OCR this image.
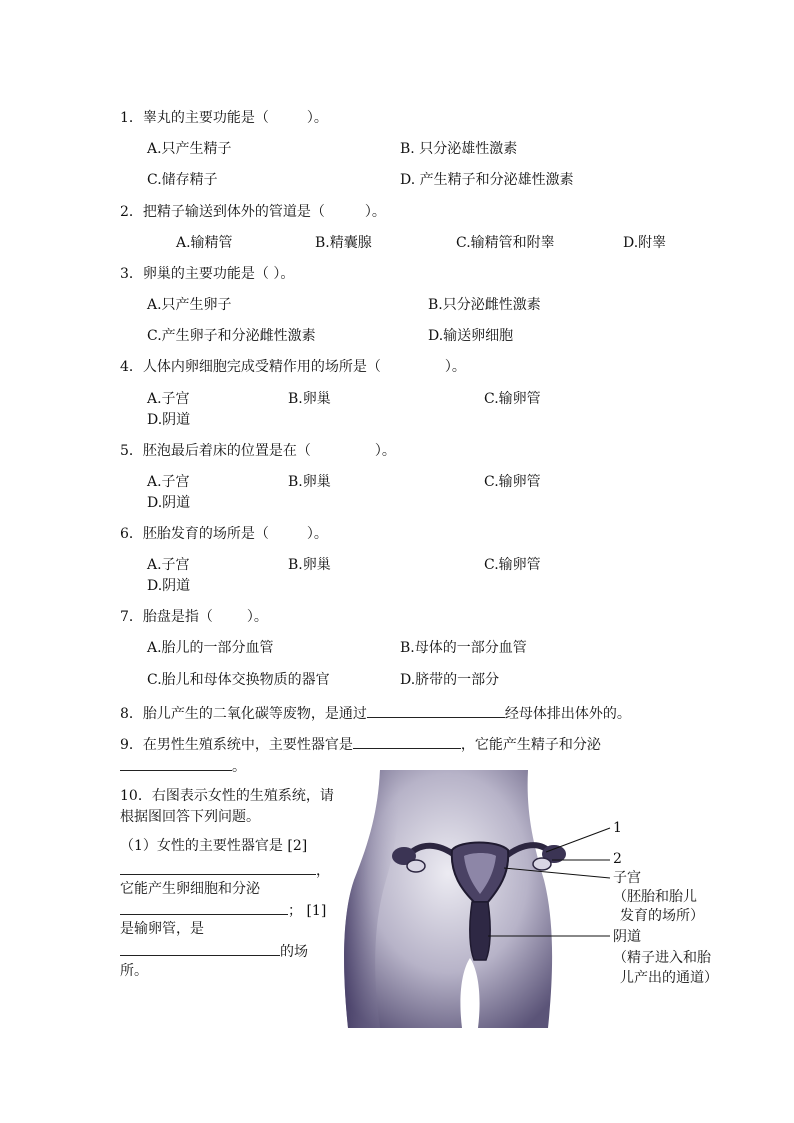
1．睾丸的主要功能是（	）。
A.只产生精子	B. 只分泌雄性激素
C.储存精子	D. 产生精子和分泌雄性激素
2．把精子输送到体外的管道是（	）。
A.输精管	B.精囊腺	C.输精管和附睾	D.附睾
3．卵巢的主要功能是（ ）。
A.只产生卵子	B.只分泌雌性激素
C.产生卵子和分泌雌性激素	D.输送卵细胞
4．人体内卵细胞完成受精作用的场所是（	）。
A.子宫	B.卵巢	C.输卵管
D.阴道
5．胚泡最后着床的位置是在（	）。
A.子宫	B.卵巢	C.输卵管
D.阴道
6．胚胎发育的场所是（	）。
A.子宫	B.卵巢	C.输卵管
D.阴道
7．胎盘是指（ ）。
A.胎儿的一部分血管	B.母体的一部分血管
C.胎儿和母体交换物质的器官	D.脐带的一部分
8．胎儿产生的二氧化碳等废物，是通过	经母体排出体外的。
9．在男性生殖系统中，主要性器官是	，它能产生精子和分泌
。
10．右图表示女性的生殖系统，请
根据图回答下列问题。
（1）女性的主要性器官是 [2]
，
它能产生卵细胞和分泌
； [1]
是输卵管，是
的场
所。
1
2
子宫
（胚胎和胎儿
发育的场所）
阴道
（精子进入和胎
儿产出的通道）
